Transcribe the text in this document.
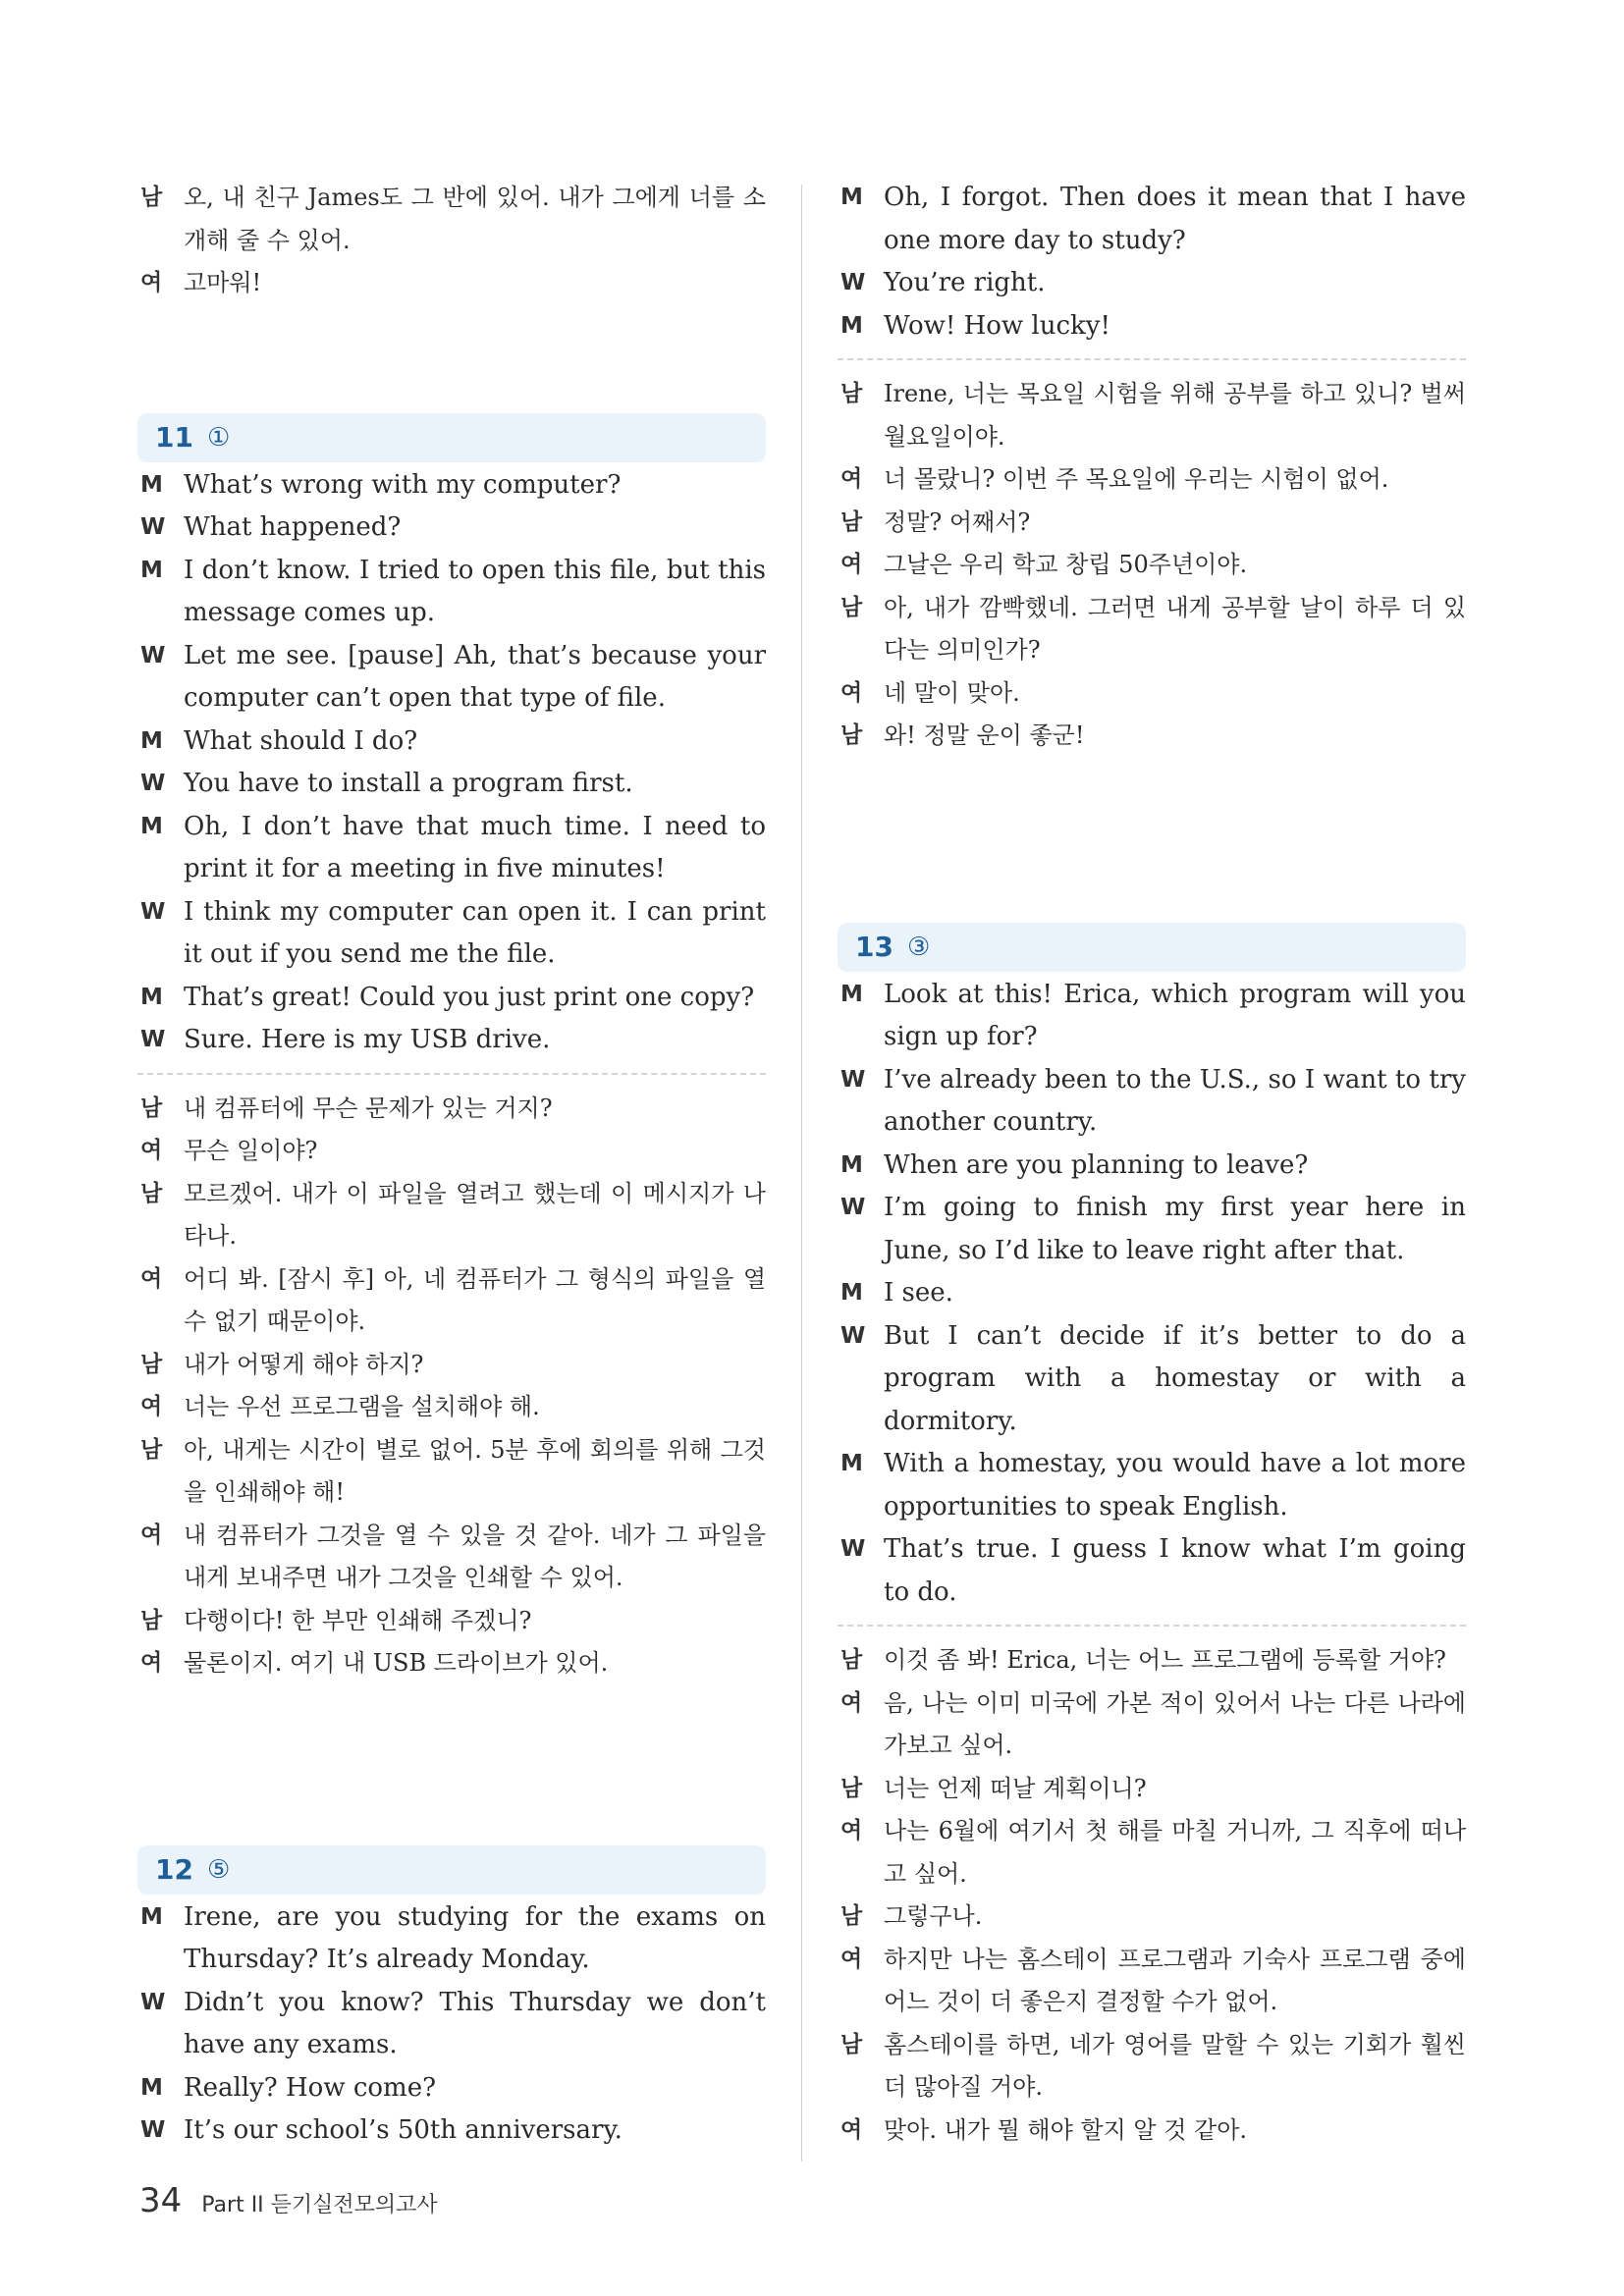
남 오, 내 친구 James도 그 반에 있어. 내가 그에게 너를 소개해 줄 수 있어.
여 고마워!
11 ①
M What’s wrong with my computer?
W What happened?
M I don’t know. I tried to open this file, but this message comes up.
W Let me see. [pause] Ah, that’s because your computer can’t open that type of file.
M What should I do?
W You have to install a program first.
M Oh, I don’t have that much time. I need to print it for a meeting in five minutes!
W I think my computer can open it. I can print it out if you send me the file.
M That’s great! Could you just print one copy?
W Sure. Here is my USB drive.
남 내 컴퓨터에 무슨 문제가 있는 거지?
여 무슨 일이야?
남 모르겠어. 내가 이 파일을 열려고 했는데 이 메시지가 나타나.
여 어디 봐. [잠시 후] 아, 네 컴퓨터가 그 형식의 파일을 열 수 없기 때문이야.
남 내가 어떻게 해야 하지?
여 너는 우선 프로그램을 설치해야 해.
남 아, 내게는 시간이 별로 없어. 5분 후에 회의를 위해 그것을 인쇄해야 해!
여 내 컴퓨터가 그것을 열 수 있을 것 같아. 네가 그 파일을 내게 보내주면 내가 그것을 인쇄할 수 있어.
남 다행이다! 한 부만 인쇄해 주겠니?
여 물론이지. 여기 내 USB 드라이브가 있어.
12 ⑤
M Irene, are you studying for the exams on Thursday? It’s already Monday.
W Didn’t you know? This Thursday we don’t have any exams.
M Really? How come?
W It’s our school’s 50th anniversary.
M Oh, I forgot. Then does it mean that I have one more day to study?
W You’re right.
M Wow! How lucky!
남 Irene, 너는 목요일 시험을 위해 공부를 하고 있니? 벌써 월요일이야.
여 너 몰랐니? 이번 주 목요일에 우리는 시험이 없어.
남 정말? 어째서?
여 그날은 우리 학교 창립 50주년이야.
남 아, 내가 깜빡했네. 그러면 내게 공부할 날이 하루 더 있다는 의미인가?
여 네 말이 맞아.
남 와! 정말 운이 좋군!
13 ③
M Look at this! Erica, which program will you sign up for?
W I’ve already been to the U.S., so I want to try another country.
M When are you planning to leave?
W I’m going to finish my first year here in June, so I’d like to leave right after that.
M I see.
W But I can’t decide if it’s better to do a program with a homestay or with a dormitory.
M With a homestay, you would have a lot more opportunities to speak English.
W That’s true. I guess I know what I’m going to do.
남 이것 좀 봐! Erica, 너는 어느 프로그램에 등록할 거야?
여 음, 나는 이미 미국에 가본 적이 있어서 나는 다른 나라에 가보고 싶어.
남 너는 언제 떠날 계획이니?
여 나는 6월에 여기서 첫 해를 마칠 거니까, 그 직후에 떠나고 싶어.
남 그렇구나.
여 하지만 나는 홈스테이 프로그램과 기숙사 프로그램 중에 어느 것이 더 좋은지 결정할 수가 없어.
남 홈스테이를 하면, 네가 영어를 말할 수 있는 기회가 훨씬 더 많아질 거야.
여 맞아. 내가 뭘 해야 할지 알 것 같아.
34 Part II 듣기실전모의고사
